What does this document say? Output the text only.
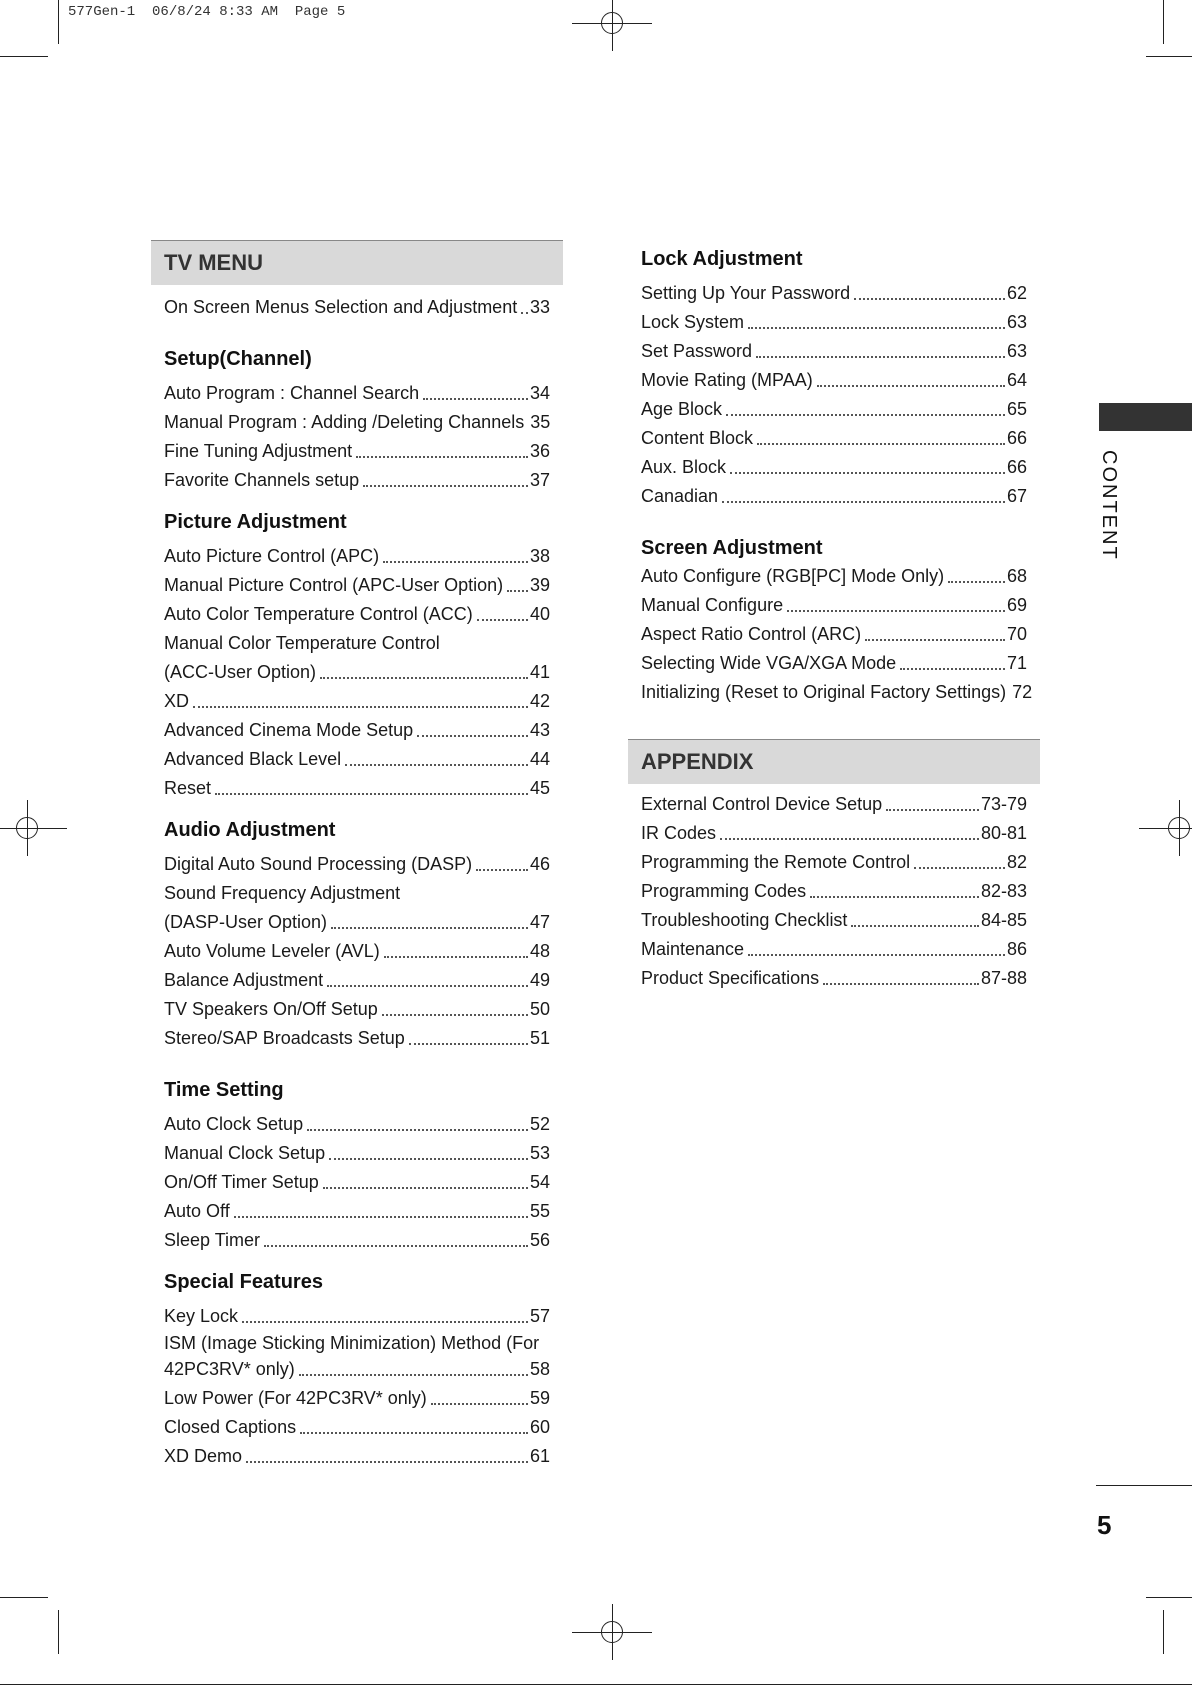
577Gen-1  06/8/24 8:33 AM  Page 5
CONTENT
TV MENU
On Screen Menus Selection and Adjustment 33
Setup(Channel)
Auto Program : Channel Search	34
Manual Program : Adding /Deleting Channels 35
Fine Tuning Adjustment	36
Favorite Channels setup	37
Picture Adjustment
Auto Picture Control (APC)	38
Manual Picture Control (APC-User Option) 39
Auto Color Temperature Control (ACC)	40
Manual Color Temperature Control
(ACC-User Option)	41
XD	42
Advanced Cinema Mode Setup	43
Advanced Black Level	44
Reset	45
Audio Adjustment
Digital Auto Sound Processing (DASP)	46
Sound Frequency Adjustment
(DASP-User Option)	47
Auto Volume Leveler (AVL)	48
Balance Adjustment	49
TV Speakers On/Off Setup	50
Stereo/SAP Broadcasts Setup	51
Time Setting
Auto Clock Setup	52
Manual Clock Setup	53
On/Off Timer Setup	54
Auto Off	55
Sleep Timer	56
Special Features
Key Lock	57
ISM (Image Sticking Minimization) Method (For
42PC3RV* only)	58
Low Power (For 42PC3RV* only)	59
Closed Captions	60
XD Demo	61
Lock Adjustment
Setting Up Your Password	62
Lock System	63
Set Password	63
Movie Rating (MPAA)	64
Age Block	65
Content Block	66
Aux. Block	66
Canadian	67
Screen Adjustment
Auto Configure (RGB[PC] Mode Only)	68
Manual Configure	69
Aspect Ratio Control (ARC)	70
Selecting Wide VGA/XGA Mode	71
Initializing (Reset to Original Factory Settings) 72
APPENDIX
External Control Device Setup	73-79
IR Codes	80-81
Programming the Remote Control	82
Programming Codes	82-83
Troubleshooting Checklist	84-85
Maintenance	86
Product Specifications	87-88
5
